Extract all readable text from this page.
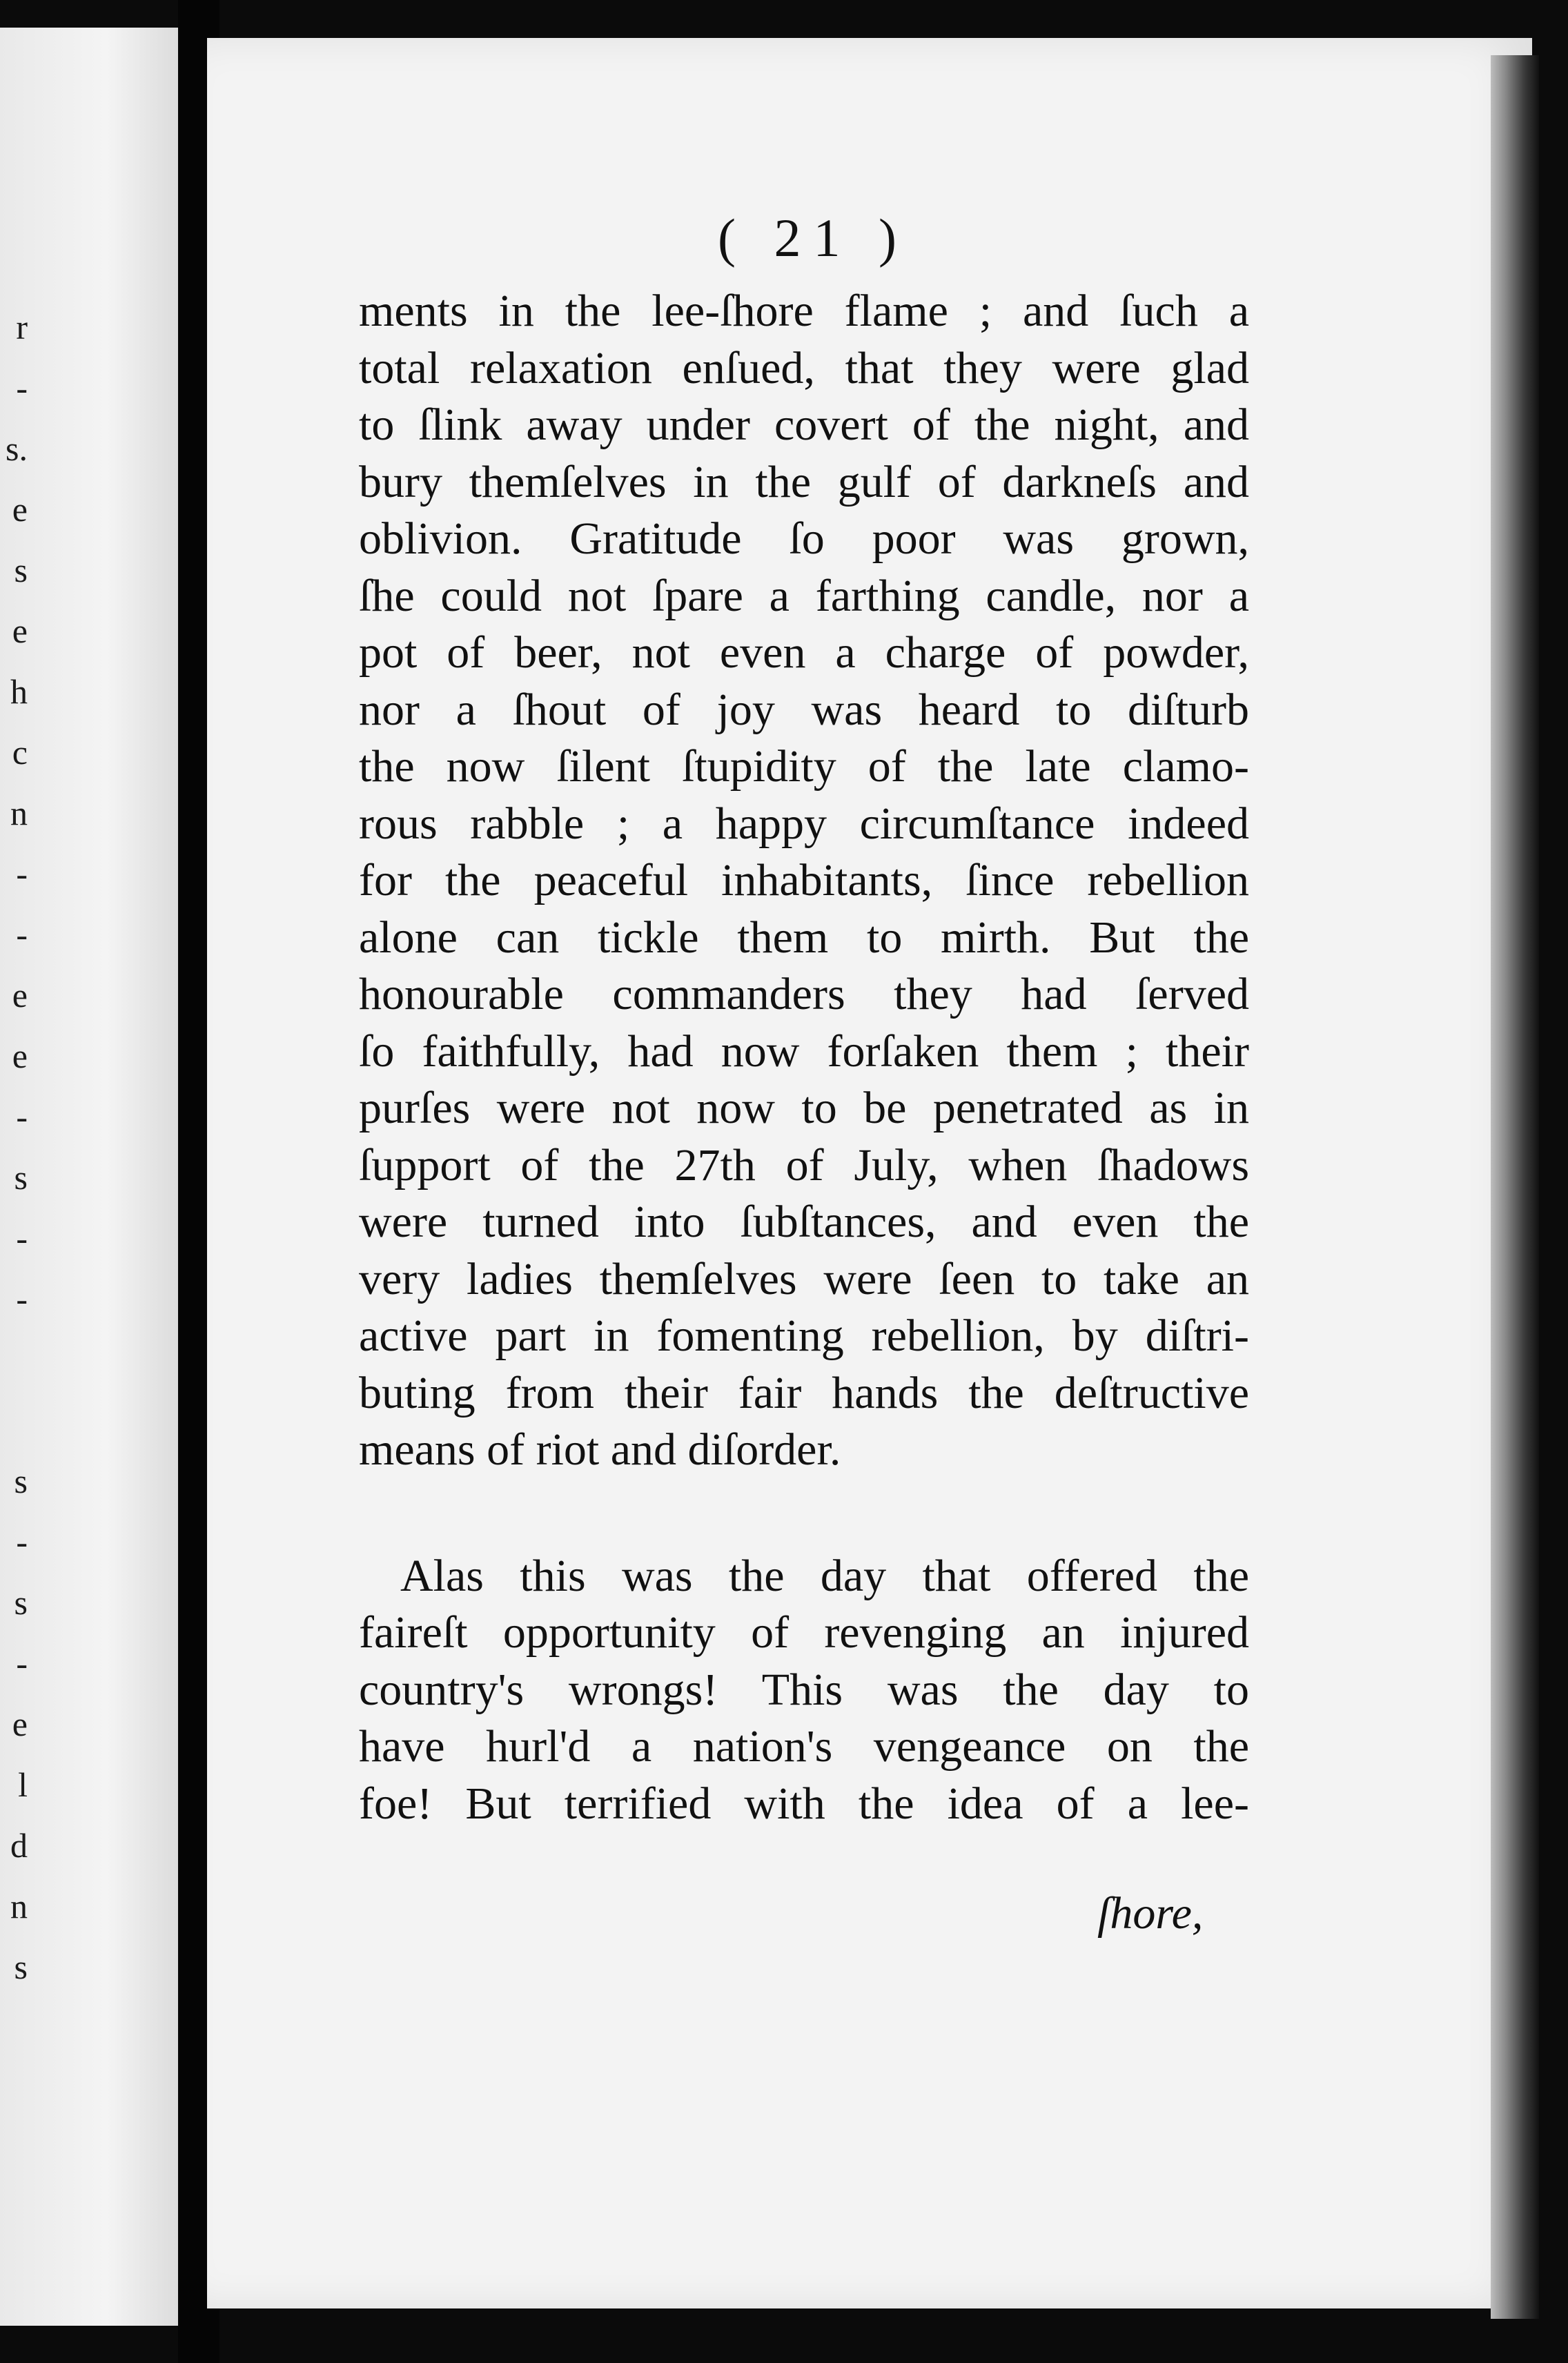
r
-
s.
e
s
e
h
c
n
-
-
e
e
-
s
-
-
s
-
s
-
e
l
d
n
s
( 21 )
ments in the lee-ſhore flame ; and ſuch a
total relaxation enſued, that they were glad
to ſlink away under covert of the night, and
bury themſelves in the gulf of darkneſs and
oblivion. Gratitude ſo poor was grown,
ſhe could not ſpare a farthing candle, nor a
pot of beer, not even a charge of powder,
nor a ſhout of joy was heard to diſturb
the now ſilent ſtupidity of the late clamo-
rous rabble ; a happy circumſtance indeed
for the peaceful inhabitants, ſince rebellion
alone can tickle them to mirth. But the
honourable commanders they had ſerved
ſo faithfully, had now forſaken them ; their
purſes were not now to be penetrated as in
ſupport of the 27th of July, when ſhadows
were turned into ſubſtances, and even the
very ladies themſelves were ſeen to take an
active part in fomenting rebellion, by diſtri-
buting from their fair hands the deſtructive
means of riot and diſorder.
Alas this was the day that offered the
faireſt opportunity of revenging an injured
country's wrongs! This was the day to
have hurl'd a nation's vengeance on the
foe! But terrified with the idea of a lee-
ſhore,
